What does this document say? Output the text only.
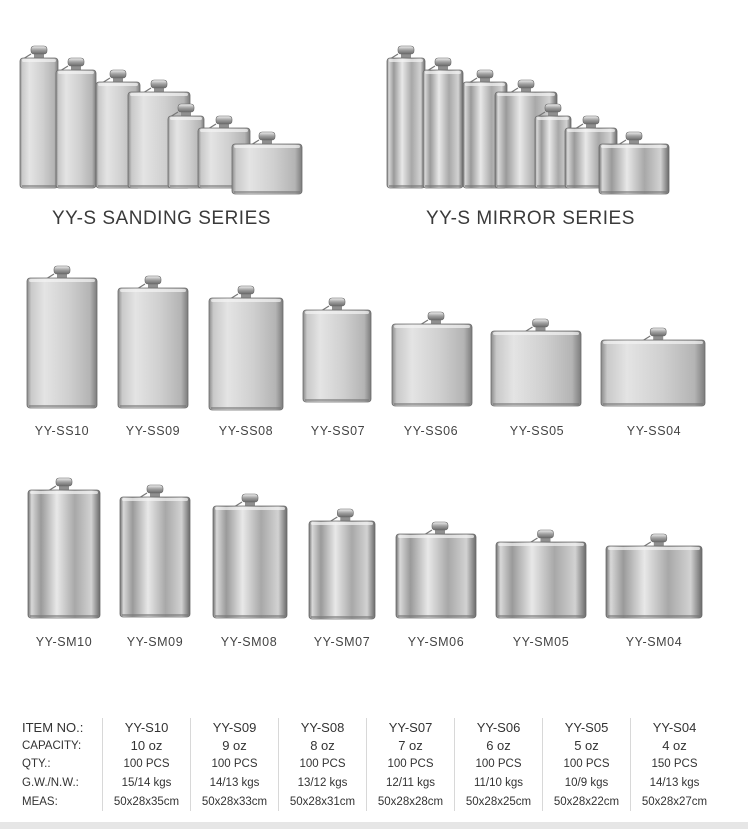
YY-S SANDING SERIES	YY-S MIRROR SERIES
YY-SS10	YY-SS09	YY-SS08	YY-SS07	YY-SS06	YY-SS05	YY-SS04
YY-SM10	YY-SM09	YY-SM08	YY-SM07	YY-SM06	YY-SM05	YY-SM04
ITEM NO.:	YY-S10	YY-S09	YY-S08	YY-S07	YY-S06	YY-S05	YY-S04
CAPACITY:	10 oz	9 oz	8 oz	7 oz	6 oz	5 oz	4 oz
QTY.:	100 PCS	100 PCS	100 PCS	100 PCS	100 PCS	100 PCS	150 PCS
G.W./N.W.:	15/14 kgs	14/13 kgs	13/12 kgs	12/11 kgs	11/10 kgs	10/9 kgs	14/13 kgs
MEAS:	50x28x35cm	50x28x33cm	50x28x31cm	50x28x28cm	50x28x25cm	50x28x22cm	50x28x27cm
